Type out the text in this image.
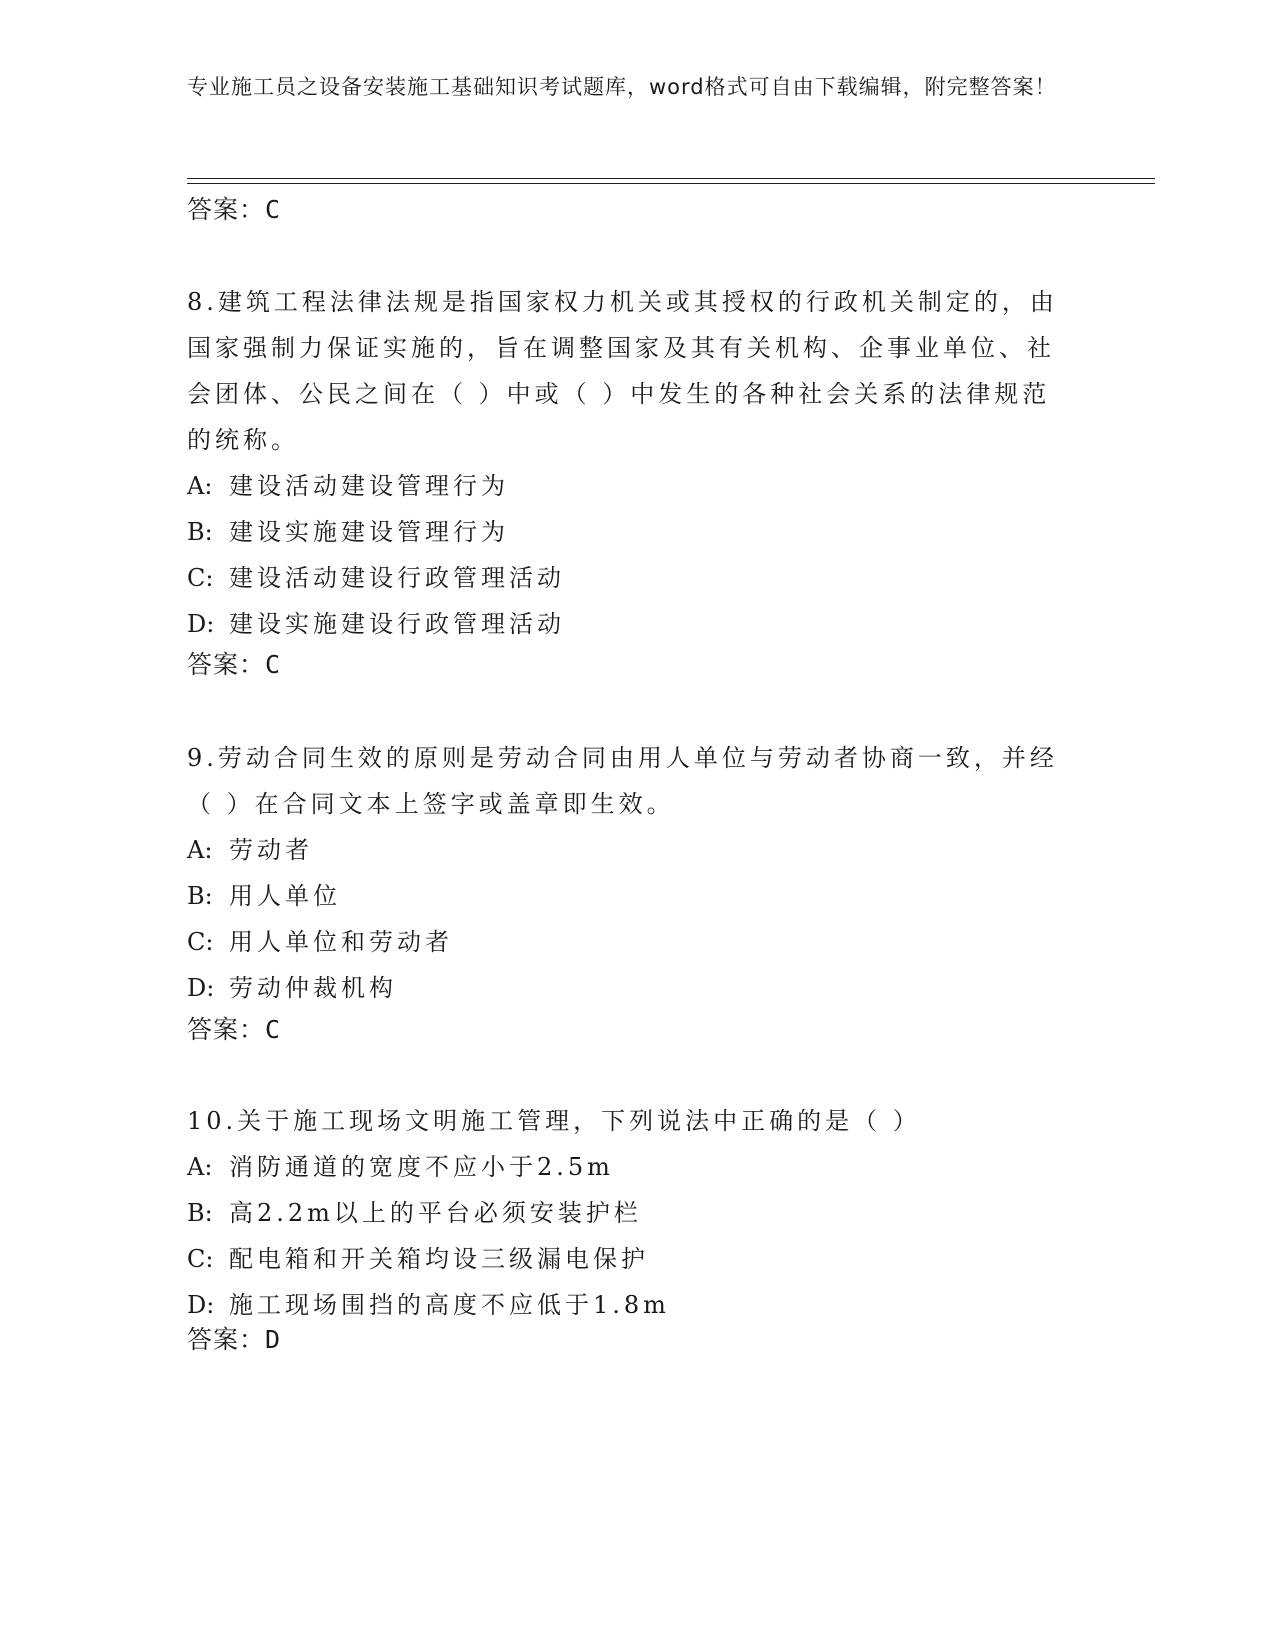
专业施工员之设备安装施工基础知识考试题库，word格式可自由下载编辑，附完整答案！
答案：C
8.建筑工程法律法规是指国家权力机关或其授权的行政机关制定的，由国家强制力保证实施的，旨在调整国家及其有关机构、企事业单位、社会团体、公民之间在（ ）中或（ ）中发生的各种社会关系的法律规范的统称。
A: 建设活动建设管理行为
B: 建设实施建设管理行为
C: 建设活动建设行政管理活动
D: 建设实施建设行政管理活动
答案：C
9.劳动合同生效的原则是劳动合同由用人单位与劳动者协商一致，并经（ ）在合同文本上签字或盖章即生效。
A: 劳动者
B: 用人单位
C: 用人单位和劳动者
D: 劳动仲裁机构
答案：C
10.关于施工现场文明施工管理，下列说法中正确的是（ ）
A: 消防通道的宽度不应小于2.5m
B: 高2.2m以上的平台必须安装护栏
C: 配电箱和开关箱均设三级漏电保护
D: 施工现场围挡的高度不应低于1.8m
答案：D
